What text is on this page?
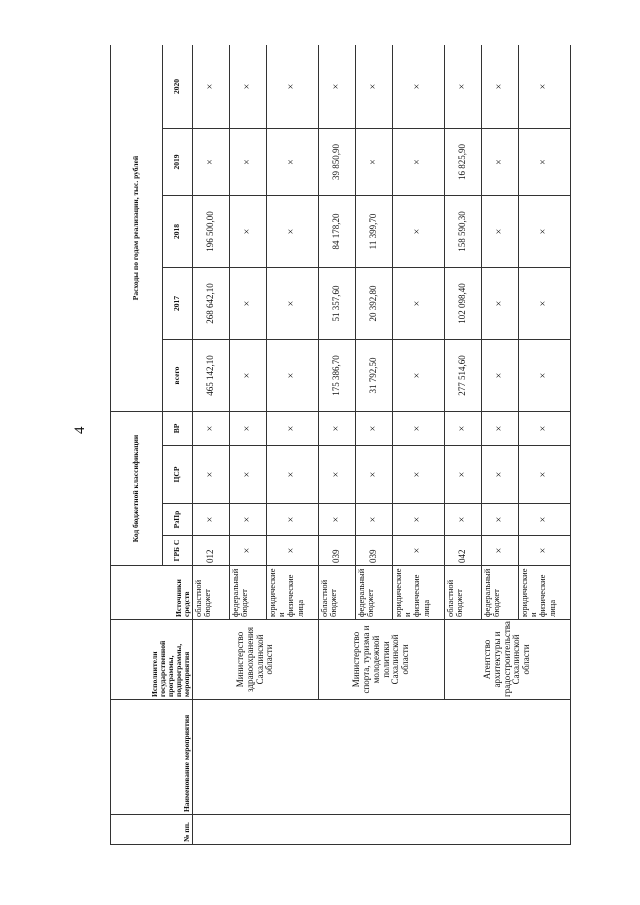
4
№ пп.	Наименование мероприятия	Исполнители государственной программы, подпрограммы, мероприятия	Источники средств	Код бюджетной классификации				Расходы по годам реализации, тыс. рублей				
				ГРБ С	РзПр	ЦСР	ВР	всего	2017	2018	2019	2020
		Министерство здравоохранения Сахалинской области	областной бюджет	012	×	×	×	465 142,10	268 642,10	196 500,00	×	×
			федеральный бюджет	×	×	×	×	×	×	×	×	×
			юридические и физические лица	×	×	×	×	×	×	×	×	×
		Министерство спорта, туризма и молодежной политики Сахалинской области	областной бюджет	039	×	×	×	175 386,70	51 357,60	84 178,20	39 850,90	×
			федеральный бюджет	039	×	×	×	31 792,50	20 392,80	11 399,70	×	×
			юридические и физические лица	×	×	×	×	×	×	×	×	×
		Агентство архитектуры и градостроительства Сахалинской области	областной бюджет	042	×	×	×	277 514,60	102 098,40	158 590,30	16 825,90	×
			федеральный бюджет	×	×	×	×	×	×	×	×	×
			юридические и физические лица	×	×	×	×	×	×	×	×	×
